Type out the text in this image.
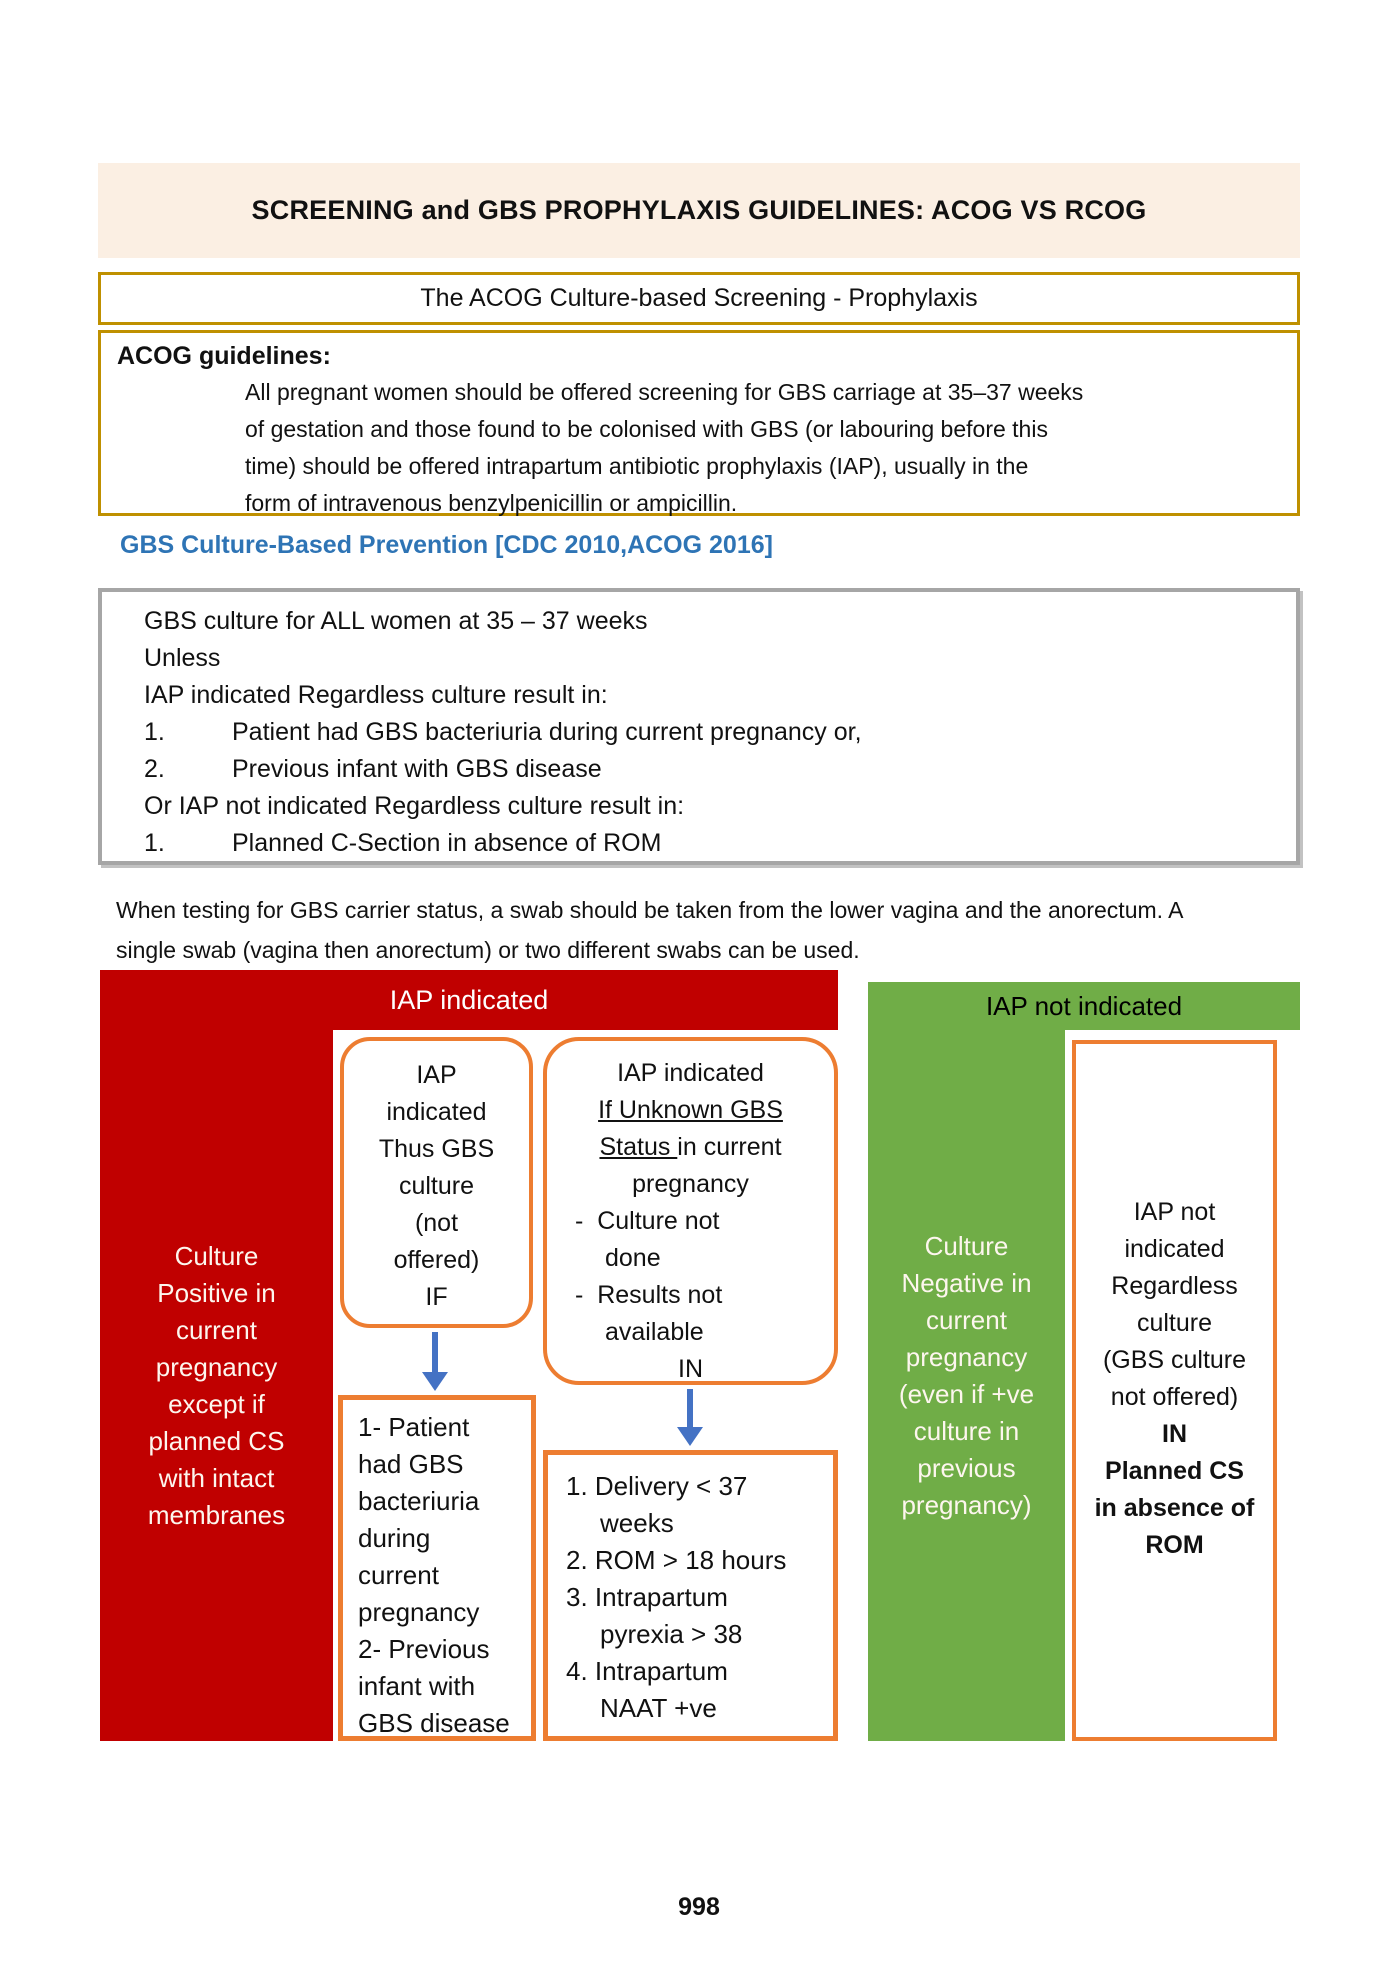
SCREENING and GBS PROPHYLAXIS GUIDELINES: ACOG VS RCOG
The ACOG Culture-based Screening - Prophylaxis
ACOG guidelines:
All pregnant women should be offered screening for GBS carriage at 35–37 weeks
of gestation and those found to be colonised with GBS (or labouring before this
time) should be offered intrapartum antibiotic prophylaxis (IAP), usually in the
form of intravenous benzylpenicillin or ampicillin.
GBS Culture-Based Prevention [CDC 2010,ACOG 2016]
GBS culture for ALL women at 35 – 37 weeks
Unless
IAP indicated Regardless culture result in:
1.	Patient had GBS bacteriuria during current pregnancy or,
2.	Previous infant with GBS disease
Or IAP not indicated Regardless culture result in:
1.	Planned C-Section in absence of ROM
When testing for GBS carrier status, a swab should be taken from the lower vagina and the anorectum. A
single swab (vagina then anorectum) or two different swabs can be used.
Culture
Positive in
current
pregnancy
except if
planned CS
with intact
membranes
IAP indicated
IAP
indicated
Thus GBS
culture
(not
offered)
IF
1- Patient
had GBS
bacteriuria
during
current
pregnancy
2- Previous
infant with
GBS disease
IAP indicated
If Unknown GBS
Status in current
pregnancy
-  Culture not
done
-  Results not
available
IN
1. Delivery < 37
weeks
2. ROM > 18 hours
3. Intrapartum
pyrexia > 38
4. Intrapartum
NAAT +ve
Culture
Negative in
current
pregnancy
(even if +ve
culture in
previous
pregnancy)
IAP not indicated
IAP not
indicated
Regardless
culture
(GBS culture
not offered)
IN
Planned CS
in absence of
ROM
998
